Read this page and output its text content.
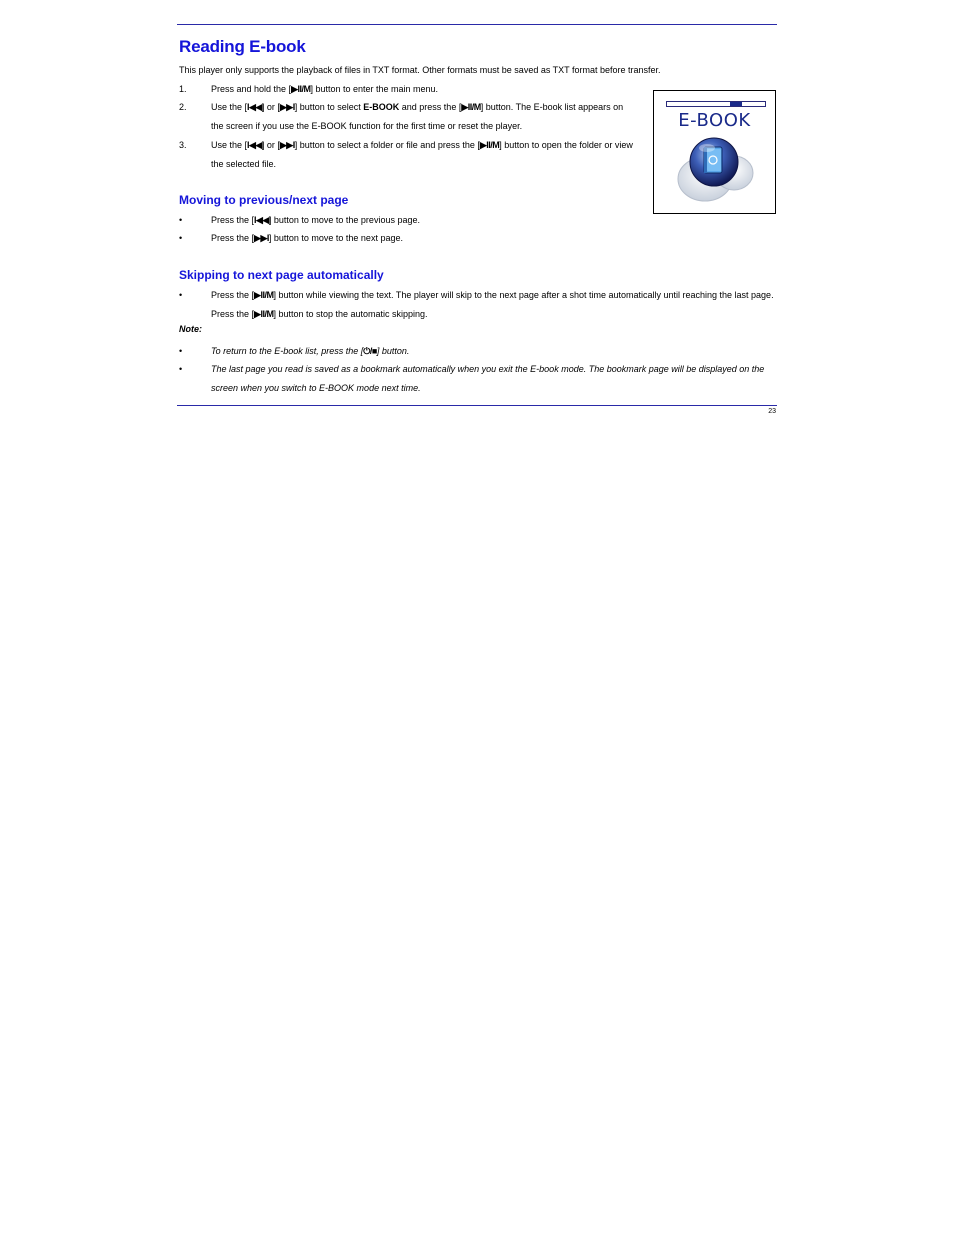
Reading E-book
This player only supports the playback of files in TXT format. Other formats must be saved as TXT format before transfer.
1.	Press and hold the [▶II/M] button to enter the main menu.
2.	Use the [I◀◀] or [▶▶I] button to select E-BOOK and press the [▶II/M] button. The E-book list appears on
the screen if you use the E-BOOK function for the first time or reset the player.
3.	Use the [I◀◀] or [▶▶I] button to select a folder or file and press the [▶II/M] button to open the folder or view
the selected file.
E-BOOK
Moving to previous/next page
•	Press the [I◀◀] button to move to the previous page.
•	Press the [▶▶I] button to move to the next page.
Skipping to next page automatically
•	Press the [▶II/M] button while viewing the text. The player will skip to the next page after a shot time automatically until reaching the last page.
Press the [▶II/M] button to stop the automatic skipping.
Note:
•	To return to the E-book list, press the [⏻/■] button.
•	The last page you read is saved as a bookmark automatically when you exit the E-book mode. The bookmark page will be displayed on the
screen when you switch to E-BOOK mode next time.
23
